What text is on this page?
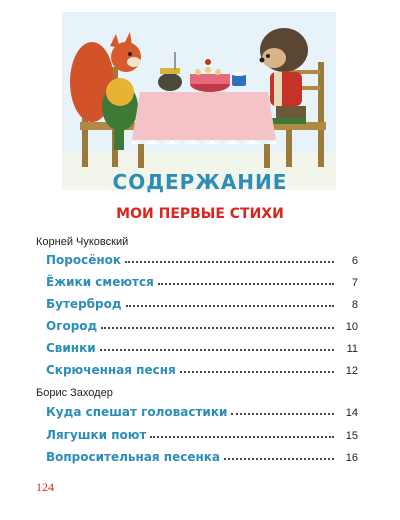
СОДЕРЖАНИЕ
МОИ ПЕРВЫЕ СТИХИ
Корней Чуковский
Поросёнок	6
Ёжики смеются	7
Бутерброд	8
Огород	10
Свинки	11
Скрюченная песня	12
Борис Заходер
Куда спешат головастики	14
Лягушки поют	15
Вопросительная песенка	16
124
